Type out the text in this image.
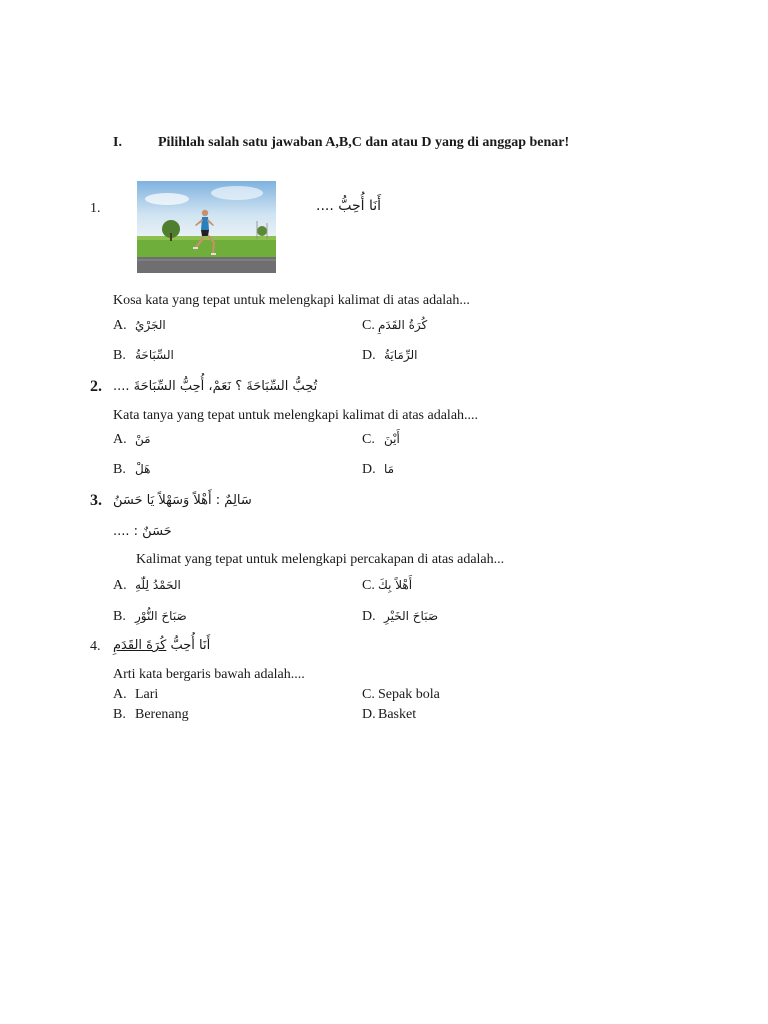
I.	Pilihlah salah satu jawaban A,B,C dan atau D yang di anggap benar!
1.	أَنَا أُحِبُّ ....
Kosa kata yang tepat untuk melengkapi kalimat di atas adalah...
A. الجَرْيُ	C. كُرَةُ القَدَمِ
B. السِّبَاحَةُ	D. الرِّمَايَةُ
2. تُحِبُّ السِّبَاحَةَ ؟ نَعَمْ، أُحِبُّ السِّبَاحَةَ ....
Kata tanya yang tepat untuk melengkapi kalimat di atas adalah....
A. مَنْ	C. أَيْنَ
B. هَلْ	D. مَا
3. سَالِمٌ : أَهْلاً وَسَهْلاً يَا حَسَنُ
حَسَنٌ : ....
Kalimat yang tepat untuk melengkapi percakapan di atas adalah...
A. الحَمْدُ لِلّٰهِ	C. أَهْلاً بِكَ
B. صَبَاحَ النُّوْرِ	D. صَبَاحَ الخَيْرِ
4.	أَنَا أُحِبُّ كُرَةَ القَدَمِ
Arti kata bergaris bawah adalah....
A. Lari	C. Sepak bola
B. Berenang	D. Basket
